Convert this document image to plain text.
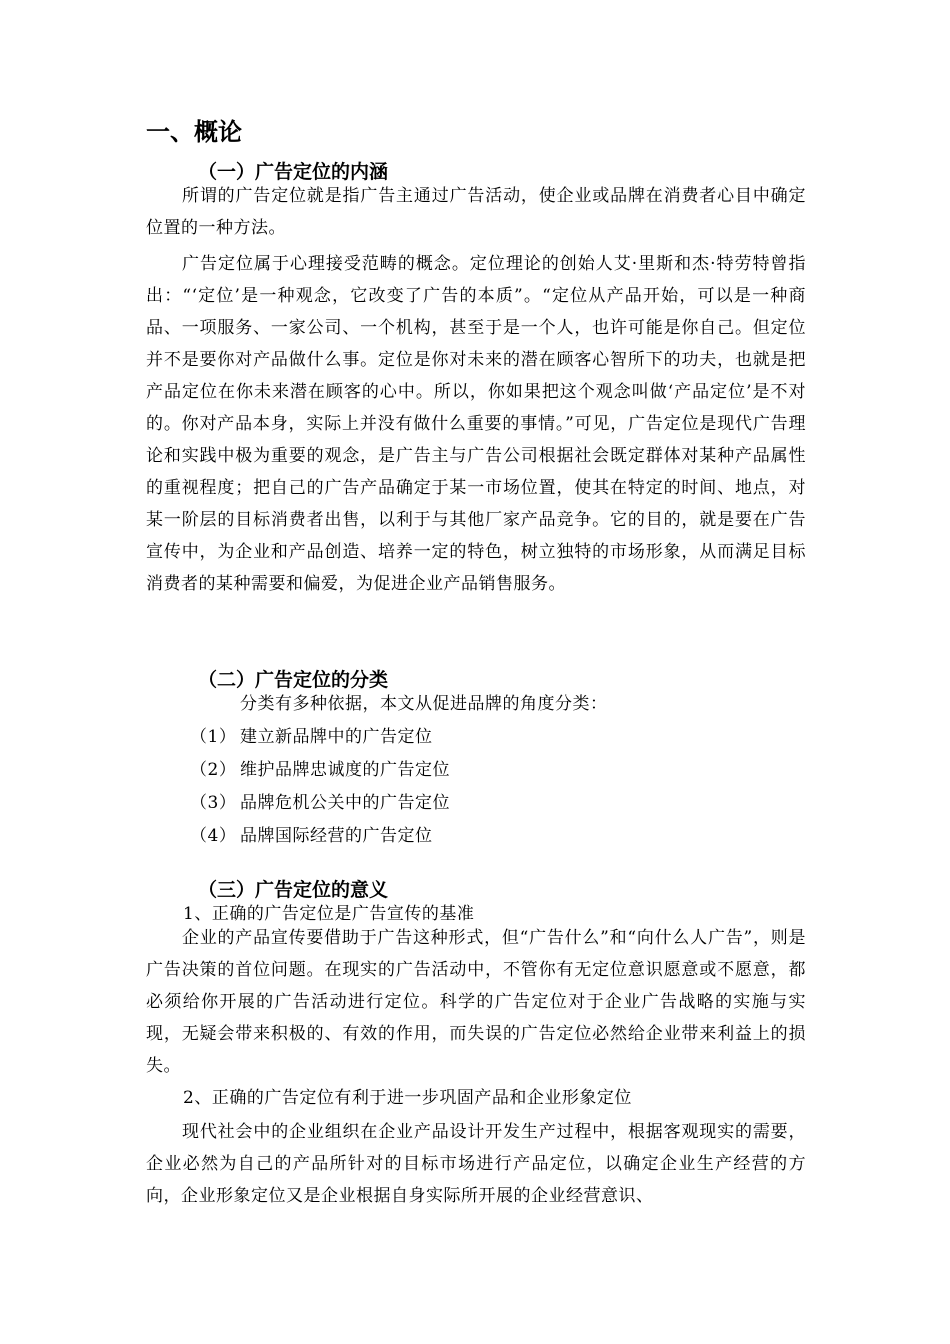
一、概论
（一）广告定位的内涵

所谓的广告定位就是指广告主通过广告活动，使企业或品牌在消费者心目中确定位置的一种方法。

广告定位属于心理接受范畴的概念。定位理论的创始人艾·里斯和杰·特劳特曾指出：“‘定位’是一种观念，它改变了广告的本质”。“定位从产品开始，可以是一种商品、一项服务、一家公司、一个机构，甚至于是一个人，也许可能是你自己。但定位并不是要你对产品做什么事。定位是你对未来的潜在顾客心智所下的功夫，也就是把产品定位在你未来潜在顾客的心中。所以，你如果把这个观念叫做‘产品定位’是不对的。你对产品本身，实际上并没有做什么重要的事情。”可见，广告定位是现代广告理论和实践中极为重要的观念，是广告主与广告公司根据社会既定群体对某种产品属性的重视程度；把自己的广告产品确定于某一市场位置，使其在特定的时间、地点，对某一阶层的目标消费者出售，以利于与其他厂家产品竞争。它的目的，就是要在广告宣传中，为企业和产品创造、培养一定的特色，树立独特的市场形象，从而满足目标消费者的某种需要和偏爱，为促进企业产品销售服务。

（二）广告定位的分类

分类有多种依据，本文从促进品牌的角度分类：

（1） 建立新品牌中的广告定位
（2） 维护品牌忠诚度的广告定位
（3） 品牌危机公关中的广告定位
（4） 品牌国际经营的广告定位
（三）广告定位的意义

1、正确的广告定位是广告宣传的基准

企业的产品宣传要借助于广告这种形式，但“广告什么”和“向什么人广告”，则是广告决策的首位问题。在现实的广告活动中，不管你有无定位意识愿意或不愿意，都必须给你开展的广告活动进行定位。科学的广告定位对于企业广告战略的实施与实现，无疑会带来积极的、有效的作用，而失误的广告定位必然给企业带来利益上的损失。

2、正确的广告定位有利于进一步巩固产品和企业形象定位

现代社会中的企业组织在企业产品设计开发生产过程中，根据客观现实的需要，企业必然为自己的产品所针对的目标市场进行产品定位，以确定企业生产经营的方向，企业形象定位又是企业根据自身实际所开展的企业经营意识、
